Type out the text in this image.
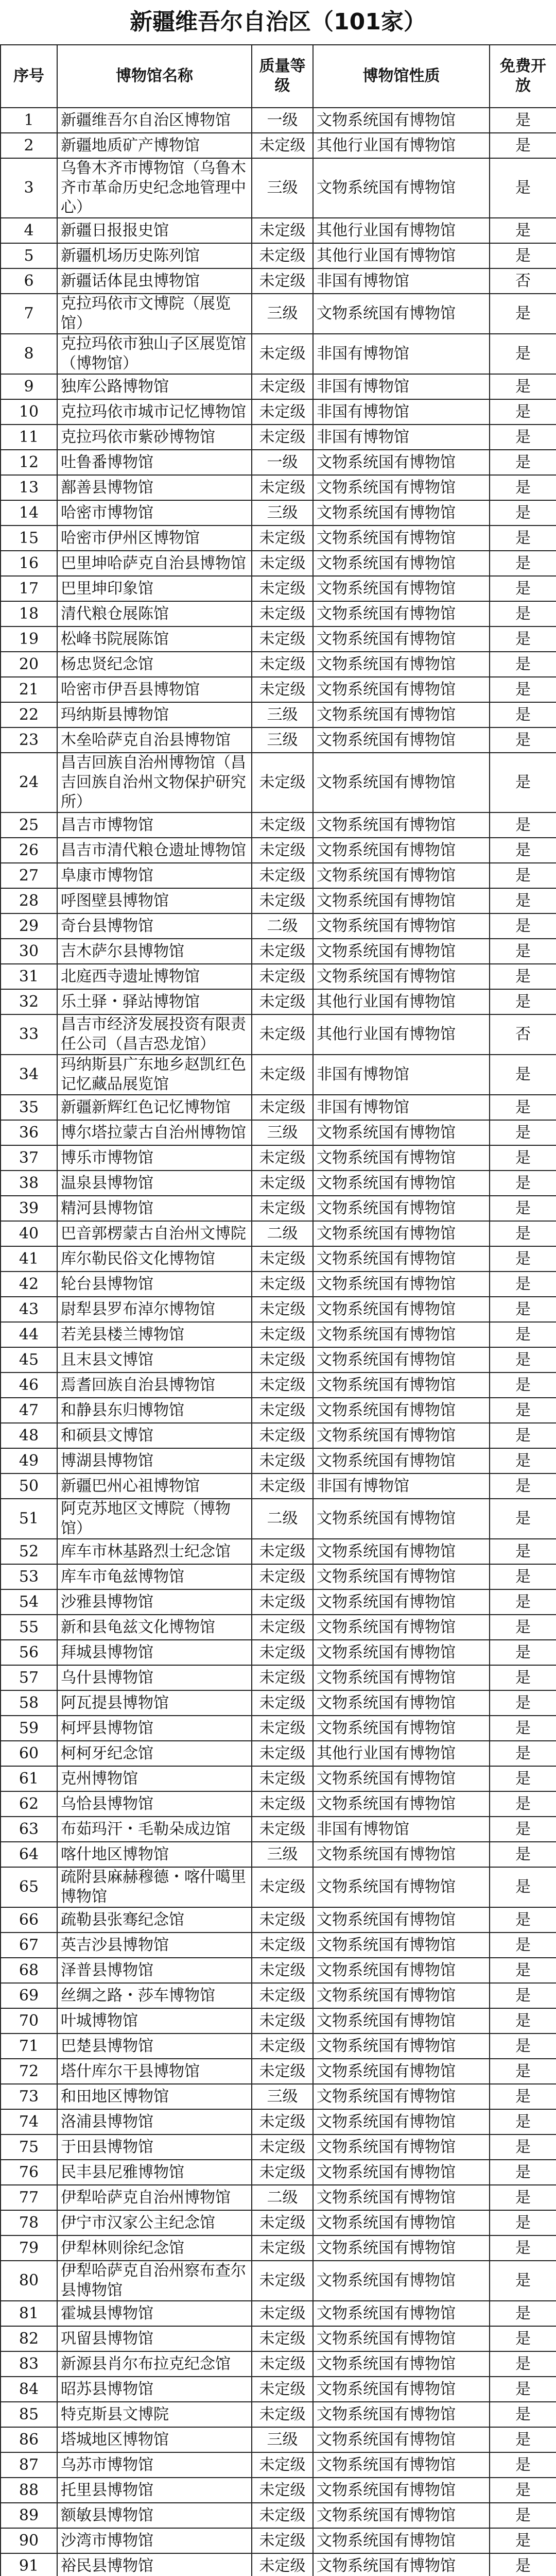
新疆维吾尔自治区（101家）
序号	博物馆名称	质量等级	博物馆性质	免费开放
1	新疆维吾尔自治区博物馆	一级	文物系统国有博物馆	是
2	新疆地质矿产博物馆	未定级	其他行业国有博物馆	是
3	乌鲁木齐市博物馆（乌鲁木齐市革命历史纪念地管理中心）	三级	文物系统国有博物馆	是
4	新疆日报报史馆	未定级	其他行业国有博物馆	是
5	新疆机场历史陈列馆	未定级	其他行业国有博物馆	是
6	新疆话体昆虫博物馆	未定级	非国有博物馆	否
7	克拉玛依市文博院（展览馆）	三级	文物系统国有博物馆	是
8	克拉玛依市独山子区展览馆（博物馆）	未定级	非国有博物馆	是
9	独库公路博物馆	未定级	非国有博物馆	是
10	克拉玛依市城市记忆博物馆	未定级	非国有博物馆	是
11	克拉玛依市紫砂博物馆	未定级	非国有博物馆	是
12	吐鲁番博物馆	一级	文物系统国有博物馆	是
13	鄯善县博物馆	未定级	文物系统国有博物馆	是
14	哈密市博物馆	三级	文物系统国有博物馆	是
15	哈密市伊州区博物馆	未定级	文物系统国有博物馆	是
16	巴里坤哈萨克自治县博物馆	未定级	文物系统国有博物馆	是
17	巴里坤印象馆	未定级	文物系统国有博物馆	是
18	清代粮仓展陈馆	未定级	文物系统国有博物馆	是
19	松峰书院展陈馆	未定级	文物系统国有博物馆	是
20	杨忠贤纪念馆	未定级	文物系统国有博物馆	是
21	哈密市伊吾县博物馆	未定级	文物系统国有博物馆	是
22	玛纳斯县博物馆	三级	文物系统国有博物馆	是
23	木垒哈萨克自治县博物馆	三级	文物系统国有博物馆	是
24	昌吉回族自治州博物馆（昌吉回族自治州文物保护研究所）	未定级	文物系统国有博物馆	是
25	昌吉市博物馆	未定级	文物系统国有博物馆	是
26	昌吉市清代粮仓遗址博物馆	未定级	文物系统国有博物馆	是
27	阜康市博物馆	未定级	文物系统国有博物馆	是
28	呼图壁县博物馆	未定级	文物系统国有博物馆	是
29	奇台县博物馆	二级	文物系统国有博物馆	是
30	吉木萨尔县博物馆	未定级	文物系统国有博物馆	是
31	北庭西寺遗址博物馆	未定级	文物系统国有博物馆	是
32	乐土驿・驿站博物馆	未定级	其他行业国有博物馆	是
33	昌吉市经济发展投资有限责任公司（昌吉恐龙馆）	未定级	其他行业国有博物馆	否
34	玛纳斯县广东地乡赵凯红色记忆藏品展览馆	未定级	非国有博物馆	是
35	新疆新辉红色记忆博物馆	未定级	非国有博物馆	是
36	博尔塔拉蒙古自治州博物馆	三级	文物系统国有博物馆	是
37	博乐市博物馆	未定级	文物系统国有博物馆	是
38	温泉县博物馆	未定级	文物系统国有博物馆	是
39	精河县博物馆	未定级	文物系统国有博物馆	是
40	巴音郭楞蒙古自治州文博院	二级	文物系统国有博物馆	是
41	库尔勒民俗文化博物馆	未定级	文物系统国有博物馆	是
42	轮台县博物馆	未定级	文物系统国有博物馆	是
43	尉犁县罗布淖尔博物馆	未定级	文物系统国有博物馆	是
44	若羌县楼兰博物馆	未定级	文物系统国有博物馆	是
45	且末县文博馆	未定级	文物系统国有博物馆	是
46	焉耆回族自治县博物馆	未定级	文物系统国有博物馆	是
47	和静县东归博物馆	未定级	文物系统国有博物馆	是
48	和硕县文博馆	未定级	文物系统国有博物馆	是
49	博湖县博物馆	未定级	文物系统国有博物馆	是
50	新疆巴州心祖博物馆	未定级	非国有博物馆	是
51	阿克苏地区文博院（博物馆）	二级	文物系统国有博物馆	是
52	库车市林基路烈士纪念馆	未定级	文物系统国有博物馆	是
53	库车市龟兹博物馆	未定级	文物系统国有博物馆	是
54	沙雅县博物馆	未定级	文物系统国有博物馆	是
55	新和县龟兹文化博物馆	未定级	文物系统国有博物馆	是
56	拜城县博物馆	未定级	文物系统国有博物馆	是
57	乌什县博物馆	未定级	文物系统国有博物馆	是
58	阿瓦提县博物馆	未定级	文物系统国有博物馆	是
59	柯坪县博物馆	未定级	文物系统国有博物馆	是
60	柯柯牙纪念馆	未定级	其他行业国有博物馆	是
61	克州博物馆	未定级	文物系统国有博物馆	是
62	乌恰县博物馆	未定级	文物系统国有博物馆	是
63	布茹玛汗・毛勒朵成边馆	未定级	非国有博物馆	是
64	喀什地区博物馆	三级	文物系统国有博物馆	是
65	疏附县麻赫穆德・喀什噶里博物馆	未定级	文物系统国有博物馆	是
66	疏勒县张骞纪念馆	未定级	文物系统国有博物馆	是
67	英吉沙县博物馆	未定级	文物系统国有博物馆	是
68	泽普县博物馆	未定级	文物系统国有博物馆	是
69	丝绸之路・莎车博物馆	未定级	文物系统国有博物馆	是
70	叶城博物馆	未定级	文物系统国有博物馆	是
71	巴楚县博物馆	未定级	文物系统国有博物馆	是
72	塔什库尔干县博物馆	未定级	文物系统国有博物馆	是
73	和田地区博物馆	三级	文物系统国有博物馆	是
74	洛浦县博物馆	未定级	文物系统国有博物馆	是
75	于田县博物馆	未定级	文物系统国有博物馆	是
76	民丰县尼雅博物馆	未定级	文物系统国有博物馆	是
77	伊犁哈萨克自治州博物馆	二级	文物系统国有博物馆	是
78	伊宁市汉家公主纪念馆	未定级	文物系统国有博物馆	是
79	伊犁林则徐纪念馆	未定级	文物系统国有博物馆	是
80	伊犁哈萨克自治州察布查尔县博物馆	未定级	文物系统国有博物馆	是
81	霍城县博物馆	未定级	文物系统国有博物馆	是
82	巩留县博物馆	未定级	文物系统国有博物馆	是
83	新源县肖尔布拉克纪念馆	未定级	文物系统国有博物馆	是
84	昭苏县博物馆	未定级	文物系统国有博物馆	是
85	特克斯县文博院	未定级	文物系统国有博物馆	是
86	塔城地区博物馆	三级	文物系统国有博物馆	是
87	乌苏市博物馆	未定级	文物系统国有博物馆	是
88	托里县博物馆	未定级	文物系统国有博物馆	是
89	额敏县博物馆	未定级	文物系统国有博物馆	是
90	沙湾市博物馆	未定级	文物系统国有博物馆	是
91	裕民县博物馆	未定级	文物系统国有博物馆	是
